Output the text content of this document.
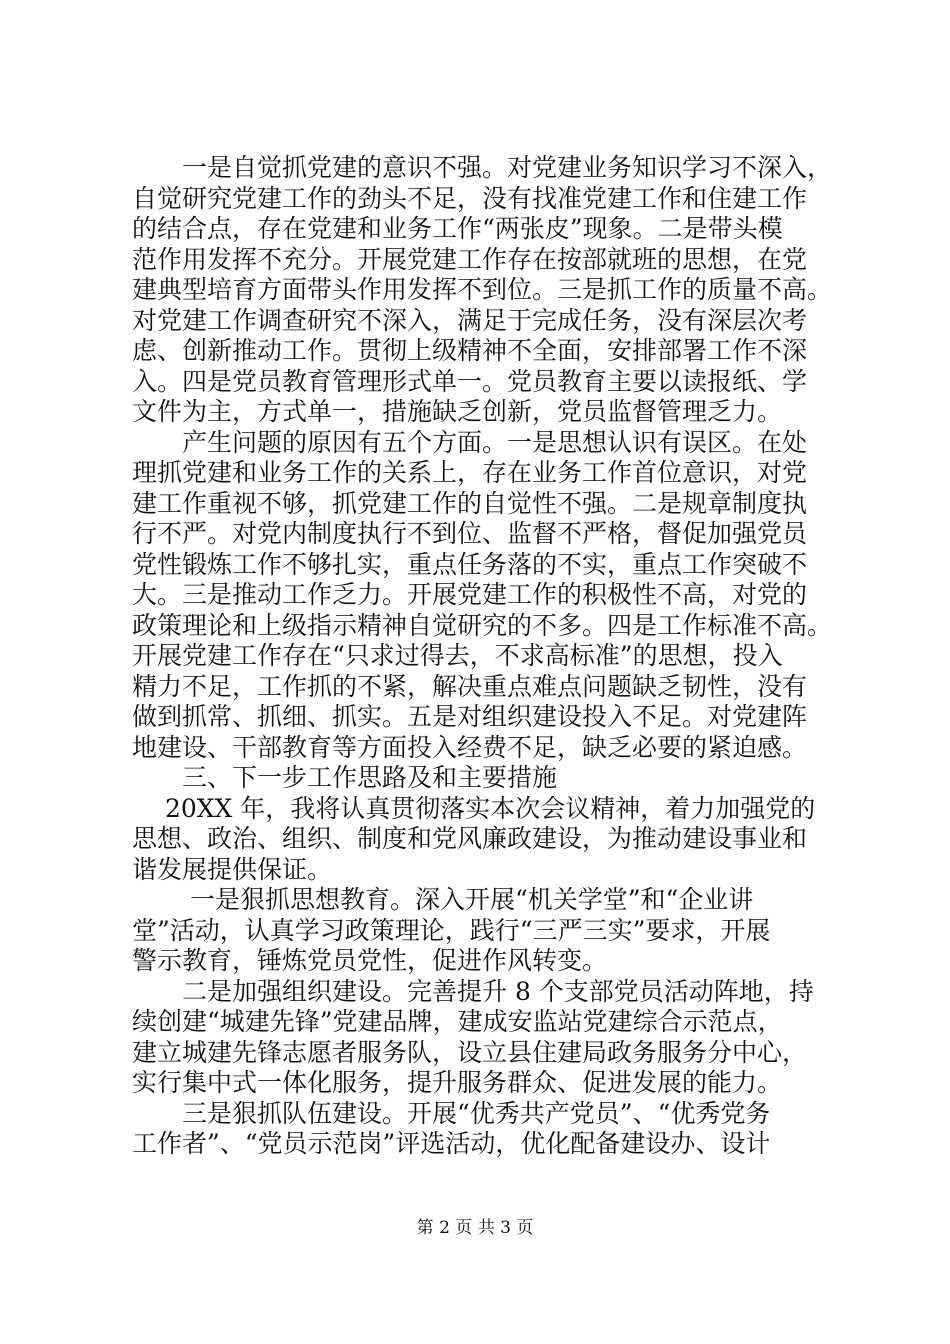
　　一是自觉抓党建的意识不强。对党建业务知识学习不深入，
自觉研究党建工作的劲头不足，没有找准党建工作和住建工作
的结合点，存在党建和业务工作“两张皮”现象。二是带头模
范作用发挥不充分。开展党建工作存在按部就班的思想，在党
建典型培育方面带头作用发挥不到位。三是抓工作的质量不高。
对党建工作调查研究不深入，满足于完成任务，没有深层次考
虑、创新推动工作。贯彻上级精神不全面，安排部署工作不深
入。四是党员教育管理形式单一。党员教育主要以读报纸、学
文件为主，方式单一，措施缺乏创新，党员监督管理乏力。
　　产生问题的原因有五个方面。一是思想认识有误区。在处
理抓党建和业务工作的关系上，存在业务工作首位意识，对党
建工作重视不够，抓党建工作的自觉性不强。二是规章制度执
行不严。对党内制度执行不到位、监督不严格，督促加强党员
党性锻炼工作不够扎实，重点任务落的不实，重点工作突破不
大。三是推动工作乏力。开展党建工作的积极性不高，对党的
政策理论和上级指示精神自觉研究的不多。四是工作标准不高。
开展党建工作存在“只求过得去，不求高标准”的思想，投入
精力不足，工作抓的不紧，解决重点难点问题缺乏韧性，没有
做到抓常、抓细、抓实。五是对组织建设投入不足。对党建阵
地建设、干部教育等方面投入经费不足，缺乏必要的紧迫感。
　　三、下一步工作思路及和主要措施
　 20XX 年，我将认真贯彻落实本次会议精神，着力加强党的
思想、政治、组织、制度和党风廉政建设，为推动建设事业和
谐发展提供保证。
　　 一是狠抓思想教育。深入开展“机关学堂”和“企业讲
堂”活动，认真学习政策理论，践行“三严三实”要求，开展
警示教育，锤炼党员党性，促进作风转变。
　　二是加强组织建设。完善提升 8 个支部党员活动阵地，持
续创建“城建先锋”党建品牌，建成安监站党建综合示范点，
建立城建先锋志愿者服务队，设立县住建局政务服务分中心，
实行集中式一体化服务，提升服务群众、促进发展的能力。
　　三是狠抓队伍建设。开展“优秀共产党员”、“优秀党务
工作者”、“党员示范岗”评选活动，优化配备建设办、设计
第 2 页 共 3 页
